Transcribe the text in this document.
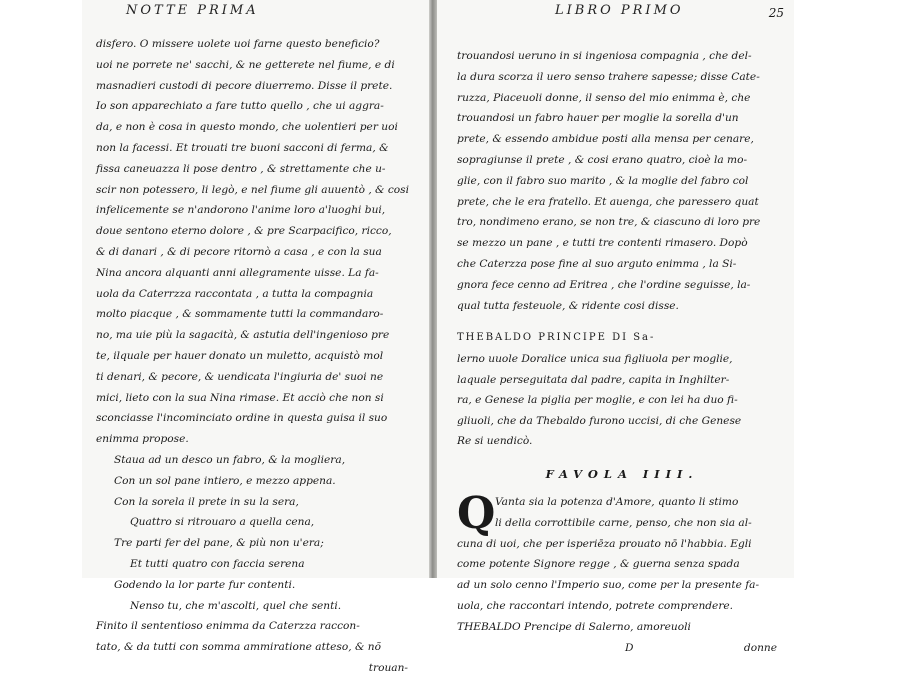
NOTTE PRIMA
disfero. O missere uolete uoi farne questo beneficio?
uoi ne porrete ne' sacchi, & ne getterete nel fiume, e di
masnadieri custodi di pecore diuerremo. Disse il prete.
Io son apparechiato a fare tutto quello , che ui aggra-
da, e non è cosa in questo mondo, che uolentieri per uoi
non la facessi. Et trouati tre buoni sacconi di ferma, &
fissa caneuazza li pose dentro , & strettamente che u-
scir non potessero, li legò, e nel fiume gli auuentò , & cosi
infelicemente se n'andorono l'anime loro a'luoghi bui,
doue sentono eterno dolore , & pre Scarpacifico, ricco,
& di danari , & di pecore ritornò a casa , e con la sua
Nina ancora alquanti anni allegramente uisse. La fa-
uola da Caterrzza raccontata , a tutta la compagnia
molto piacque , & sommamente tutti la commandaro-
no, ma uie più la sagacità, & astutia dell'ingenioso pre
te, ilquale per hauer donato un muletto, acquistò mol
ti denari, & pecore, & uendicata l'ingiuria de' suoi ne
mici, lieto con la sua Nina rimase. Et acciò che non si
sconciasse l'incominciato ordine in questa guisa il suo
enimma propose.
Staua ad un desco un fabro, & la mogliera,
Con un sol pane intiero, e mezzo appena.
Con la sorela il prete in su la sera,
Quattro si ritrouaro a quella cena,
Tre parti fer del pane, & più non u'era;
Et tutti quatro con faccia serena
Godendo la lor parte fur contenti.
Nenso tu, che m'ascolti, quel che senti.
Finito il sententioso enimma da Caterzza raccon-
tato, & da tutti con somma ammiratione atteso, & nõ
trouan-
LIBRO PRIMO	25
trouandosi ueruno in si ingeniosa compagnia , che del-
la dura scorza il uero senso trahere sapesse; disse Cate-
ruzza, Piaceuoli donne, il senso del mio enimma è, che
trouandosi un fabro hauer per moglie la sorella d'un
prete, & essendo ambidue posti alla mensa per cenare,
sopragiunse il prete , & cosi erano quatro, cioè la mo-
glie, con il fabro suo marito , & la moglie del fabro col
prete, che le era fratello. Et auenga, che paressero quat
tro, nondimeno erano, se non tre, & ciascuno di loro pre
se mezzo un pane , e tutti tre contenti rimasero. Dopò
che Caterzza pose fine al suo arguto enimma , la Si-
gnora fece cenno ad Eritrea , che l'ordine seguisse, la-
qual tutta festeuole, & ridente cosi disse.
THEBALDO PRINCIPE DI Sa-
lerno uuole Doralice unica sua figliuola per moglie,
laquale perseguitata dal padre, capita in Inghilter-
ra, e Genese la piglia per moglie, e con lei ha duo fi-
gliuoli, che da Thebaldo furono uccisi, di che Genese
Re si uendicò.
FAVOLA IIII.
Q Vanta sia la potenza d'Amore, quanto li stimo
li della corrottibile carne, penso, che non sia al-
cuna di uoi, che per isperiēza prouato nō l'habbia. Egli
come potente Signore regge , & guerna senza spada
ad un solo cenno l'Imperio suo, come per la presente fa-
uola, che raccontari intendo, potrete comprendere.
THEBALDO Prencipe di Salerno, amoreuoli
D	donne
